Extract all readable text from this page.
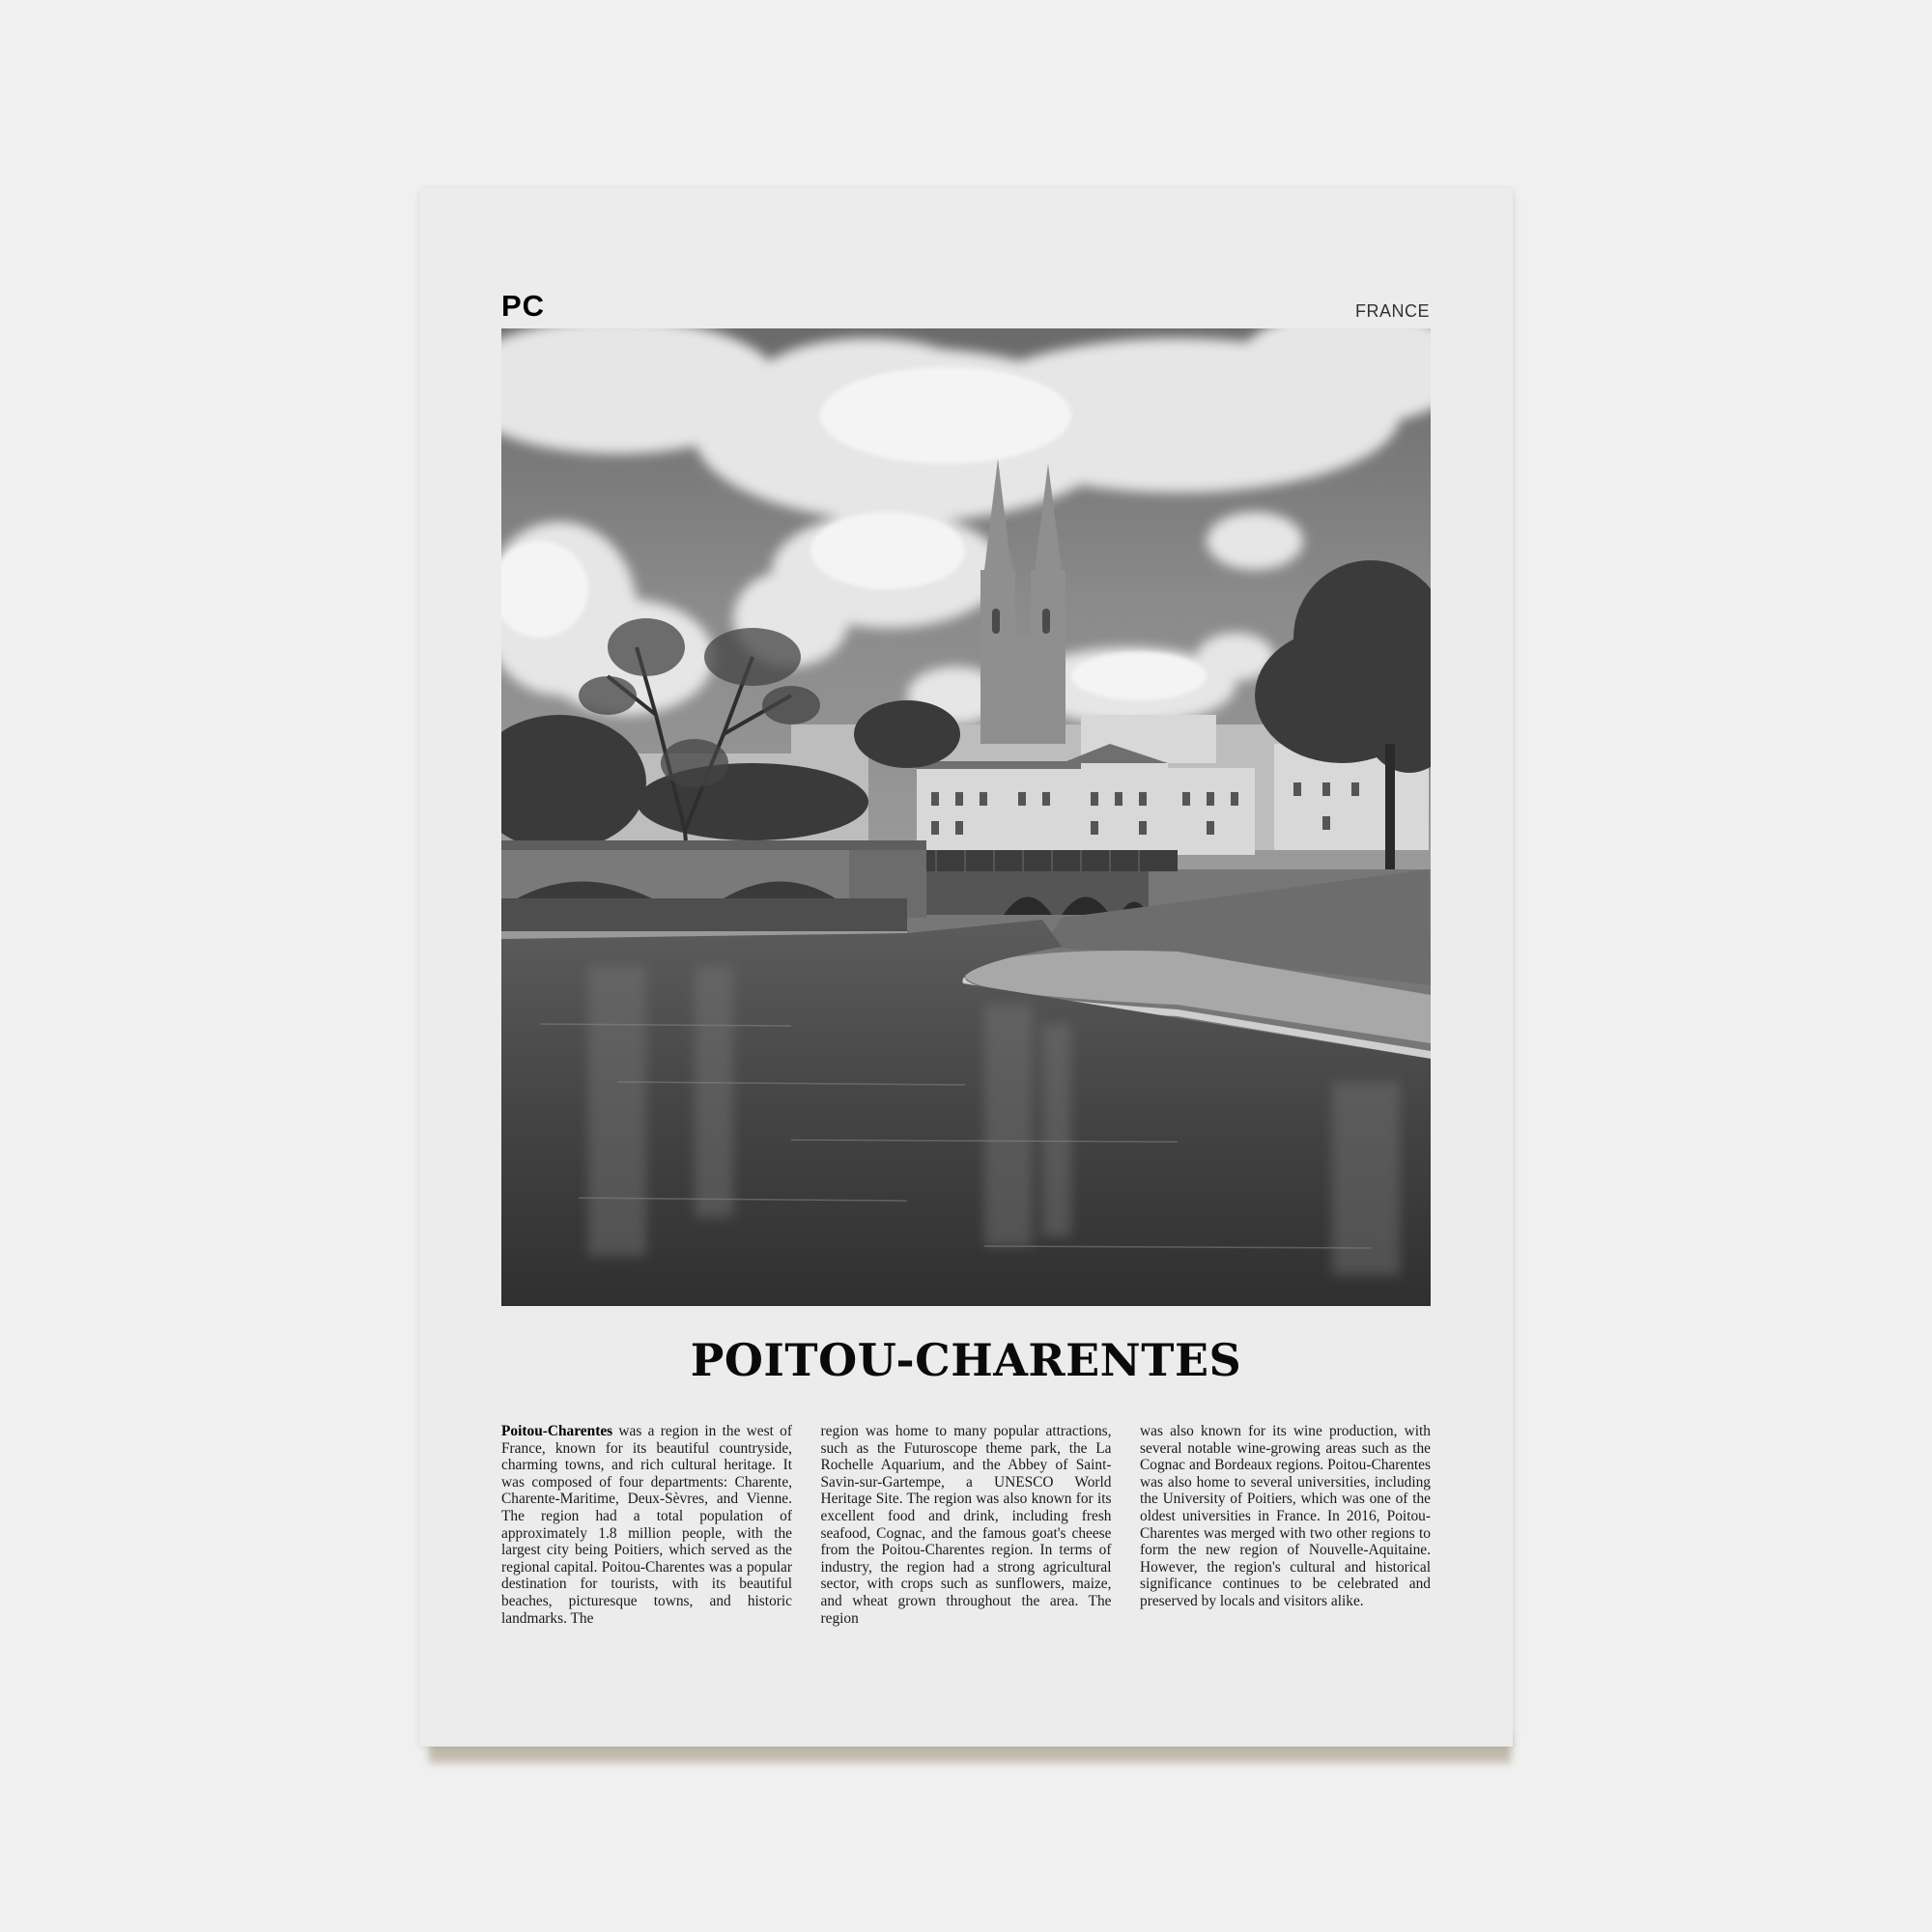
PC	FRANCE
POITOU-CHARENTES
Poitou-Charentes was a region in the west of France, known for its beautiful countryside, charming towns, and rich cultural heritage. It was composed of four departments: Charente, Charente-Maritime, Deux-Sèvres, and Vienne. The region had a total population of approximately 1.8 million people, with the largest city being Poitiers, which served as the regional capital. Poitou-Charentes was a popular destination for tourists, with its beautiful beaches, picturesque towns, and historic landmarks. The
region was home to many popular attractions, such as the Futuroscope theme park, the La Rochelle Aquarium, and the Abbey of Saint-Savin-sur-Gartempe, a UNESCO World Heritage Site. The region was also known for its excellent food and drink, including fresh seafood, Cognac, and the famous goat's cheese from the Poitou-Charentes region. In terms of industry, the region had a strong agricultural sector, with crops such as sunflowers, maize, and wheat grown throughout the area. The region
was also known for its wine production, with several notable wine-growing areas such as the Cognac and Bordeaux regions. Poitou-Charentes was also home to several universities, including the University of Poitiers, which was one of the oldest universities in France. In 2016, Poitou-Charentes was merged with two other regions to form the new region of Nouvelle-Aquitaine. However, the region's cultural and historical significance continues to be celebrated and preserved by locals and visitors alike.
